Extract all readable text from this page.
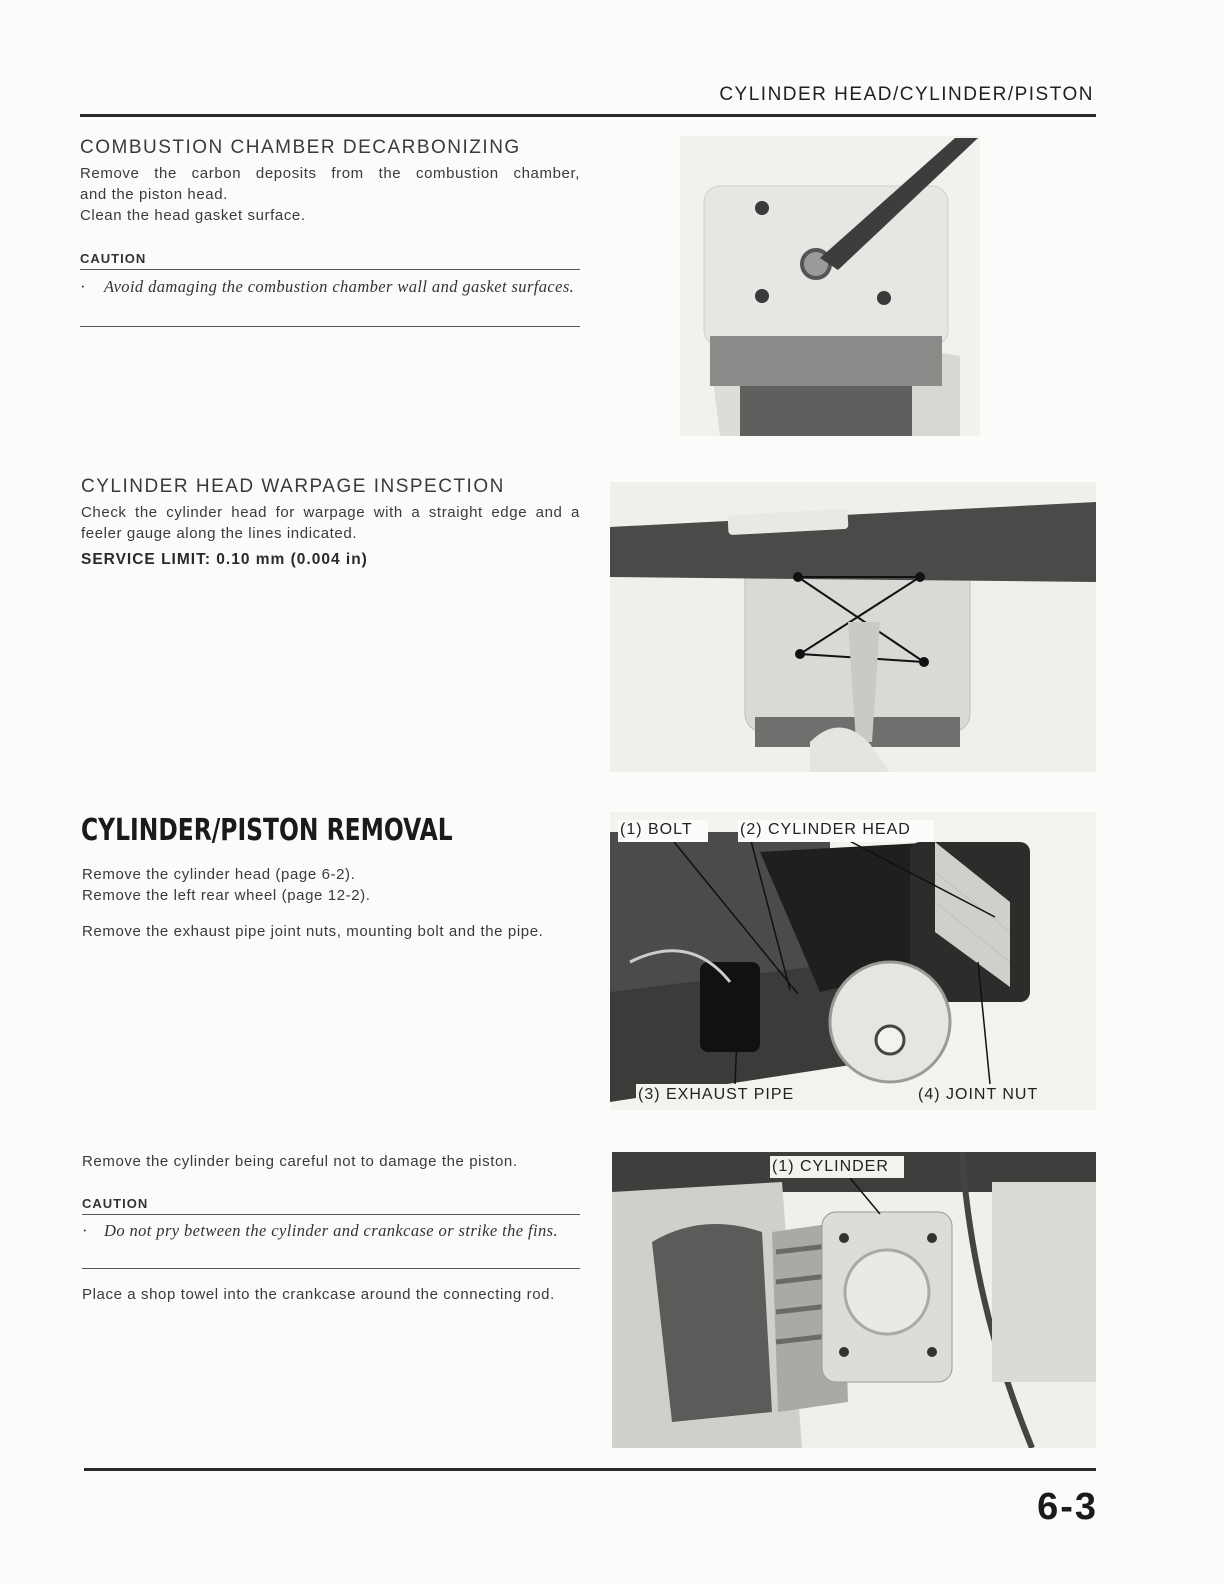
CYLINDER HEAD/CYLINDER/PISTON
COMBUSTION CHAMBER DECARBONIZING
Remove the carbon deposits from the combustion chamber,
and the piston head.
Clean the head gasket surface.
CAUTION
·	Avoid damaging the combustion chamber wall and gasket surfaces.
CYLINDER HEAD WARPAGE INSPECTION
Check the cylinder head for warpage with a straight edge and a feeler gauge along the lines indicated.
SERVICE LIMIT: 0.10 mm (0.004 in)
CYLINDER/PISTON REMOVAL
Remove the cylinder head (page 6-2).
Remove the left rear wheel (page 12-2).
Remove the exhaust pipe joint nuts, mounting bolt and the pipe.
(1) BOLT	(2) CYLINDER HEAD
(3) EXHAUST PIPE	(4) JOINT NUT
Remove the cylinder being careful not to damage the piston.
CAUTION
· Do not pry between the cylinder and crankcase or strike the fins.
Place a shop towel into the crankcase around the connecting rod.
(1) CYLINDER
6-3
